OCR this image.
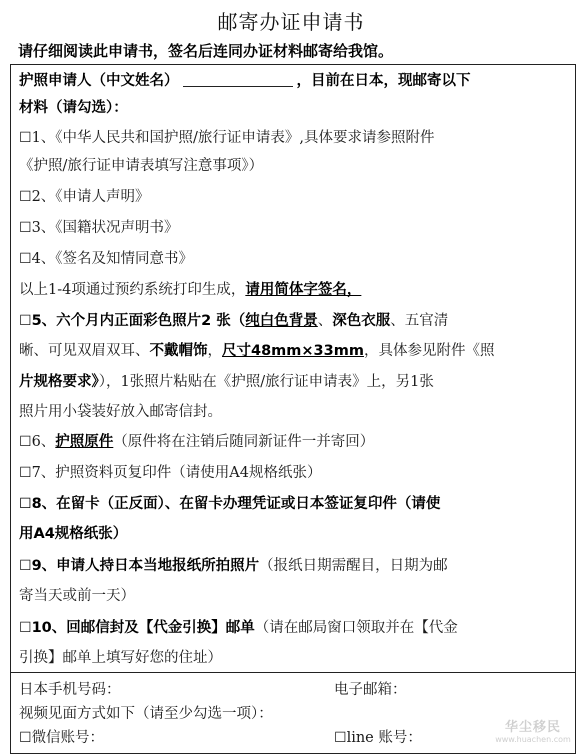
邮寄办证申请书
请仔细阅读此申请书，签名后连同办证材料邮寄给我馆。
护照申请人（中文姓名）	，目前在日本，现邮寄以下
材料（请勾选）：
☐1、《中华人民共和国护照/旅行证申请表》,具体要求请参照附件
《护照/旅行证申请表填写注意事项》）
☐2、《申请人声明》
☐3、《国籍状况声明书》
☐4、《签名及知情同意书》
以上1-4项通过预约系统打印生成，请用简体字签名，
☐5、六个月内正面彩色照片2 张（纯白色背景、深色衣服、五官清
晰、可见双眉双耳、不戴帽饰，尺寸48mm×33mm，具体参见附件《照
片规格要求》），1张照片粘贴在《护照/旅行证申请表》上，另1张
照片用小袋装好放入邮寄信封。
☐6、护照原件（原件将在注销后随同新证件一并寄回）
☐7、护照资料页复印件（请使用A4规格纸张）
☐8、在留卡（正反面）、在留卡办理凭证或日本签证复印件（请使
用A4规格纸张）
☐9、申请人持日本当地报纸所拍照片（报纸日期需醒目，日期为邮
寄当天或前一天）
☐10、回邮信封及【代金引换】邮单（请在邮局窗口领取并在【代金
引换】邮单上填写好您的住址）
日本手机号码：	电子邮箱：
视频见面方式如下（请至少勾选一项）：
☐微信账号：	☐line 账号：
华尘移民
www.huachen.com
